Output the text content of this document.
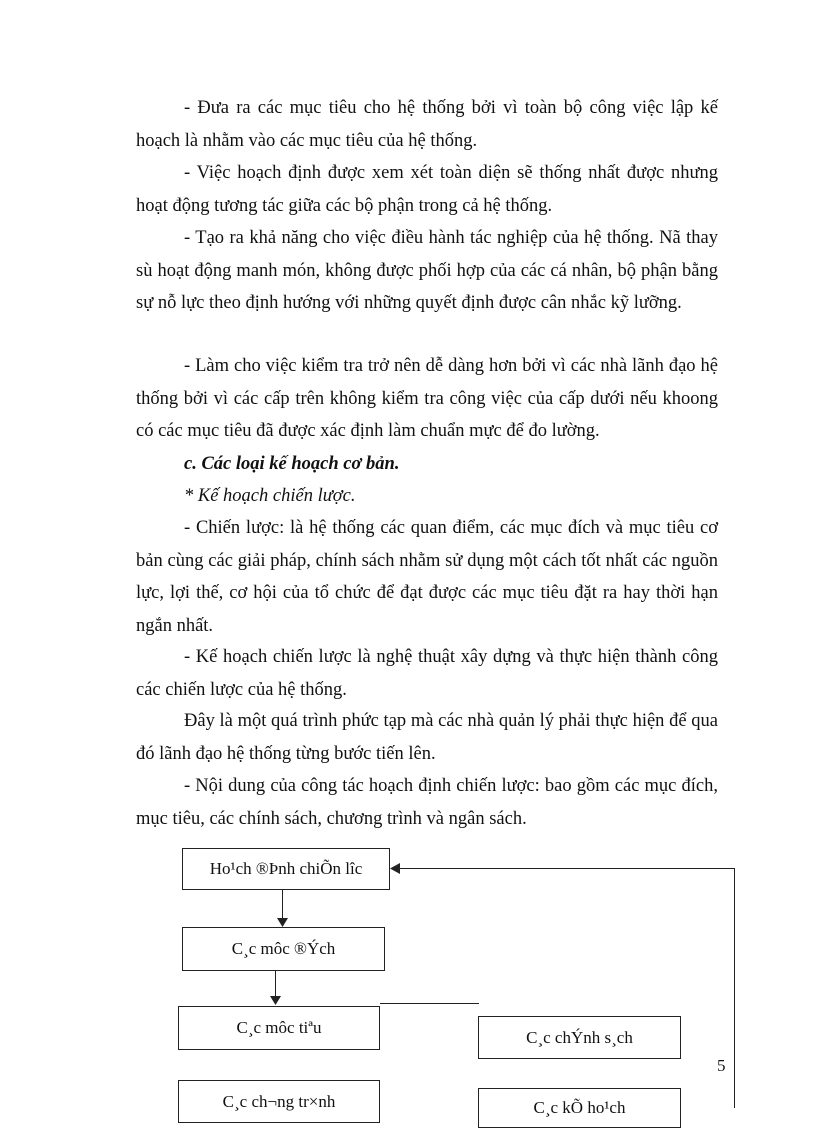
- Đưa ra các mục tiêu cho hệ thống bởi vì toàn bộ công việc lập kế hoạch là nhằm vào các mục tiêu của hệ thống.

- Việc hoạch định được xem xét toàn diện sẽ thống nhất được nhưng hoạt động tương tác giữa các bộ phận trong cả hệ thống.

- Tạo ra khả năng cho việc điều hành tác nghiệp của hệ thống. Nã thay sù hoạt động manh món, không được phối hợp của các cá nhân, bộ phận bằng sự nỗ lực theo định hướng với những quyết định được cân nhắc kỹ lưỡng.

- Làm cho việc kiểm tra trở nên dễ dàng hơn bởi vì các nhà lãnh đạo hệ thống bởi vì các cấp trên không kiểm tra công việc của cấp dưới nếu khoong có các mục tiêu đã được xác định làm chuẩn mực để đo lường.

c. Các loại kế hoạch cơ bản.

* Kế hoạch chiến lược.

- Chiến lược: là hệ thống các quan điểm, các mục đích và mục tiêu cơ bản cùng các giải pháp, chính sách nhằm sử dụng một cách tốt nhất các nguồn lực, lợi thế, cơ hội của tổ chức để đạt được các mục tiêu đặt ra hay thời hạn ngắn nhất.

- Kế hoạch chiến lược là nghệ thuật xây dựng và thực hiện thành công các chiến lược của hệ thống.

Đây là một quá trình phức tạp mà các nhà quản lý phải thực hiện để qua đó lãnh đạo hệ thống từng bước tiến lên.

- Nội dung của công tác hoạch định chiến lược: bao gồm các mục đích, mục tiêu, các chính sách, chương trình và ngân sách.

Ho¹ch ®Þnh chiÕn lîc
C¸c môc ®Ých
C¸c môc tiªu	C¸c chÝnh s¸ch
C¸c ch¬ng tr×nh	C¸c kÕ ho¹ch
5
